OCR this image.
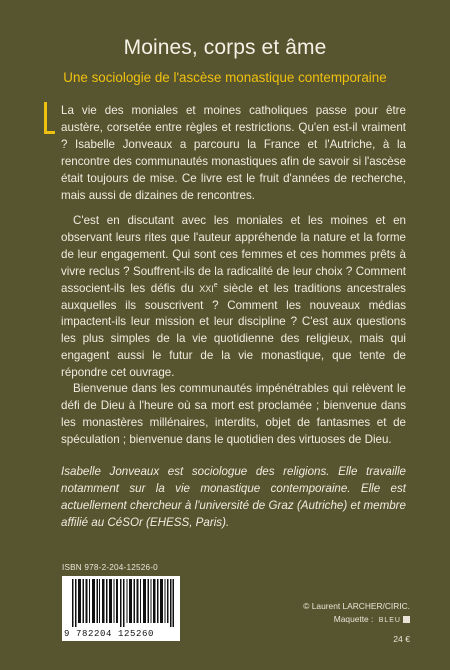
Moines, corps et âme
Une sociologie de l'ascèse monastique contemporaine
La vie des moniales et moines catholiques passe pour être austère, corsetée entre règles et restrictions. Qu'en est-il vraiment ? Isabelle Jonveaux a parcouru la France et l'Autriche, à la rencontre des communautés monastiques afin de savoir si l'ascèse était toujours de mise. Ce livre est le fruit d'années de recherche, mais aussi de dizaines de rencontres.
C'est en discutant avec les moniales et les moines et en observant leurs rites que l'auteur appréhende la nature et la forme de leur engagement. Qui sont ces femmes et ces hommes prêts à vivre reclus ? Souffrent-ils de la radicalité de leur choix ? Comment associent-ils les défis du XXIe siècle et les traditions ancestrales auxquelles ils souscrivent ? Comment les nouveaux médias impactent-ils leur mission et leur discipline ? C'est aux questions les plus simples de la vie quotidienne des religieux, mais qui engagent aussi le futur de la vie monastique, que tente de répondre cet ouvrage.
Bienvenue dans les communautés impénétrables qui relèvent le défi de Dieu à l'heure où sa mort est proclamée ; bienvenue dans les monastères millénaires, interdits, objet de fantasmes et de spéculation ; bienvenue dans le quotidien des virtuoses de Dieu.
Isabelle Jonveaux est sociologue des religions. Elle travaille notamment sur la vie monastique contemporaine. Elle est actuellement chercheur à l'université de Graz (Autriche) et membre affilié au CéSOr (EHESS, Paris).
ISBN 978-2-204-12526-0
9 782204 125260
© Laurent LARCHER/CIRIC.
Maquette : BLEU
24 €
